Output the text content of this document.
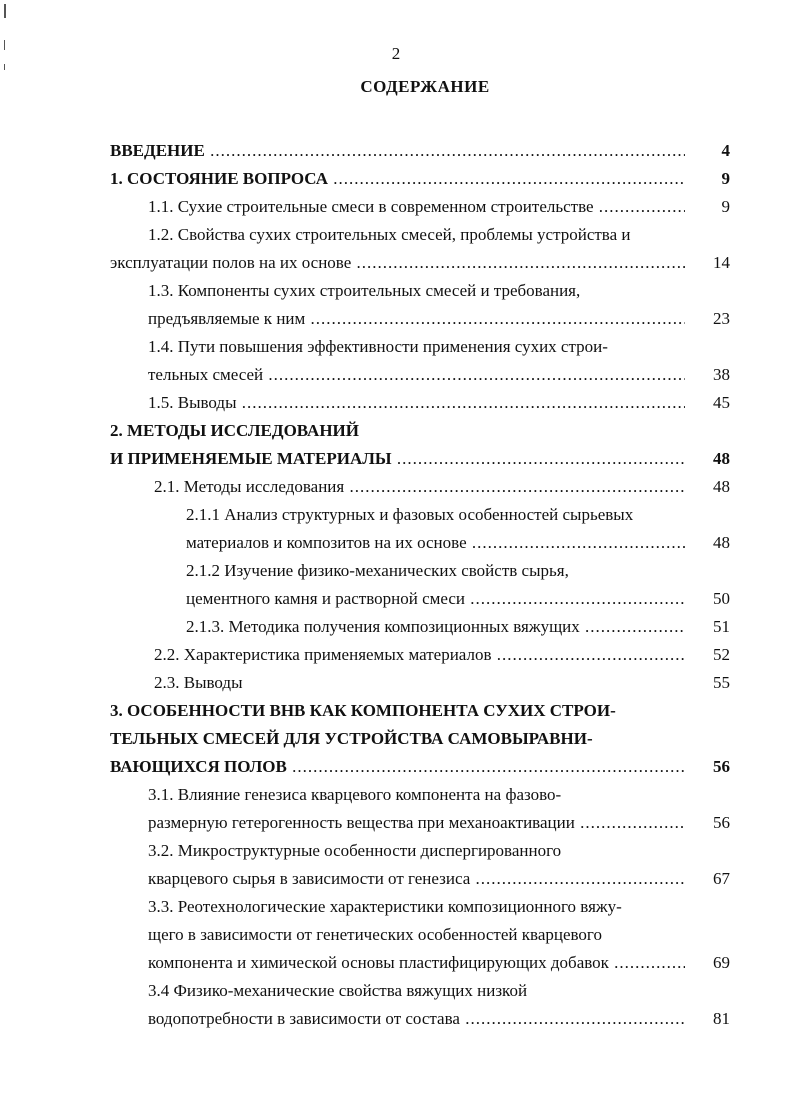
2
СОДЕРЖАНИЕ
ВВЕДЕНИЕ .....	4
1. СОСТОЯНИЕ ВОПРОСА .....	9
1.1. Сухие строительные смеси в современном строительстве .....	9
1.2. Свойства сухих строительных смесей, проблемы устройства и
эксплуатации полов на их основе .....	14
1.3. Компоненты сухих строительных смесей и требования,
предъявляемые к ним .....	23
1.4. Пути повышения эффективности применения сухих строи-
тельных смесей .....	38
1.5. Выводы .....	45
2. МЕТОДЫ ИССЛЕДОВАНИЙ
И ПРИМЕНЯЕМЫЕ МАТЕРИАЛЫ .....	48
2.1. Методы исследования .....	48
2.1.1 Анализ структурных и фазовых особенностей сырьевых
материалов и композитов на их основе .....	48
2.1.2 Изучение физико-механических свойств сырья,
цементного камня и растворной смеси .....	50
2.1.3. Методика получения композиционных вяжущих .....	51
2.2. Характеристика применяемых материалов .....	52
2.3. Выводы	55
3. ОСОБЕННОСТИ ВНВ КАК КОМПОНЕНТА СУХИХ СТРОИ-
ТЕЛЬНЫХ СМЕСЕЙ ДЛЯ УСТРОЙСТВА САМОВЫРАВНИ-
ВАЮЩИХСЯ ПОЛОВ .....	56
3.1. Влияние генезиса кварцевого компонента на фазово-
размерную гетерогенность вещества при механоактивации .....	56
3.2. Микроструктурные особенности диспергированного
кварцевого сырья в зависимости от генезиса .....	67
3.3. Реотехнологические характеристики композиционного вяжу-
щего в зависимости от генетических особенностей кварцевого
компонента и химической основы пластифицирующих добавок .....	69
3.4 Физико-механические свойства вяжущих низкой
водопотребности в зависимости от состава .....	81
